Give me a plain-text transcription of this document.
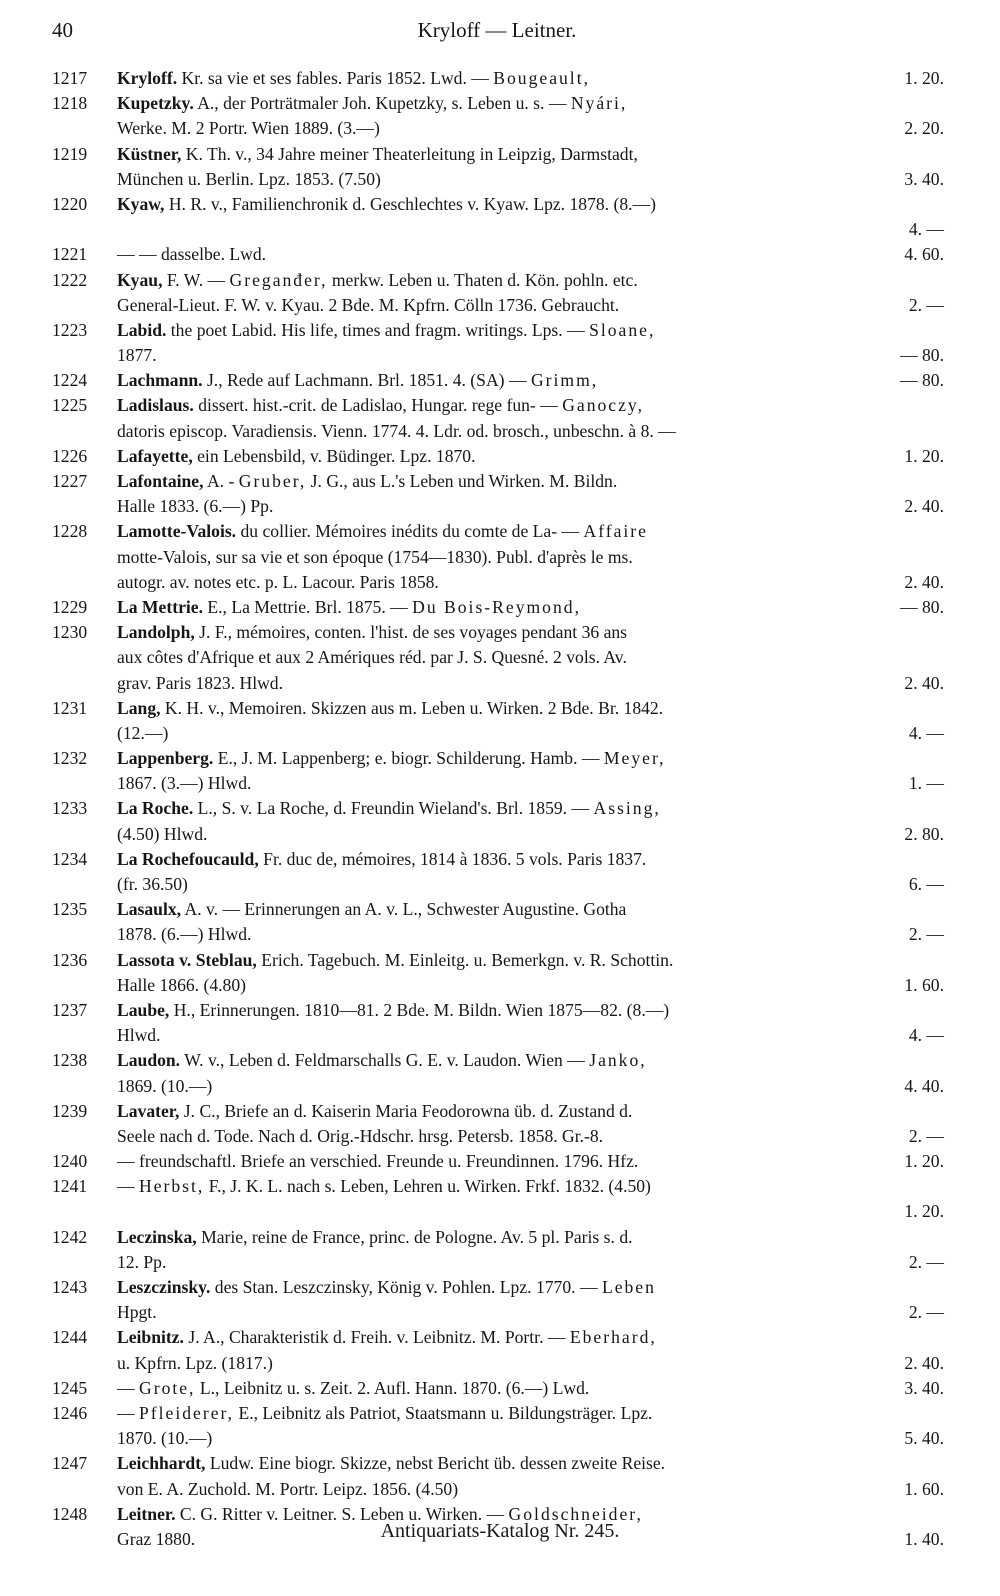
40	Kryloff — Leitner.
1217 Kryloff. Kr. sa vie et ses fables. Paris 1852. Lwd. — Bougeault,	1. 20.
1218 Kupetzky. A., der Porträtmaler Joh. Kupetzky, s. Leben u. s. — Nyári,
Werke. M. 2 Portr. Wien 1889. (3.—)	2. 20.
1219 Küstner, K. Th. v., 34 Jahre meiner Theaterleitung in Leipzig, Darmstadt,
München u. Berlin. Lpz. 1853. (7.50)	3. 40.
1220 Kyaw, H. R. v., Familienchronik d. Geschlechtes v. Kyaw. Lpz. 1878. (8.—)
4. —
1221 — — dasselbe. Lwd.	4. 60.
1222 Kyau, F. W. — Greganđer, merkw. Leben u. Thaten d. Kön. pohln. etc.
General-Lieut. F. W. v. Kyau. 2 Bde. M. Kpfrn. Cölln 1736. Gebraucht.	2. —
1223 Labid. the poet Labid. His life, times and fragm. writings. Lps. — Sloane,
1877.	— 80.
1224 Lachmann. J., Rede auf Lachmann. Brl. 1851. 4. (SA) — Grimm,	— 80.
1225 Ladislaus. dissert. hist.-crit. de Ladislao, Hungar. rege fun- — Ganoczy,
datoris episcop. Varadiensis. Vienn. 1774. 4. Ldr. od. brosch., unbeschn. à 8. —
1226 Lafayette, ein Lebensbild, v. Büdinger. Lpz. 1870.	1. 20.
1227 Lafontaine, A. - Gruber, J. G., aus L.'s Leben und Wirken. M. Bildn.
Halle 1833. (6.—) Pp.	2. 40.
1228 Lamotte-Valois. du collier. Mémoires inédits du comte de La- — Affaire
motte-Valois, sur sa vie et son époque (1754—1830). Publ. d'après le ms.
autogr. av. notes etc. p. L. Lacour. Paris 1858.	2. 40.
1229 La Mettrie. E., La Mettrie. Brl. 1875. — Du Bois-Reymond,	— 80.
1230 Landolph, J. F., mémoires, conten. l'hist. de ses voyages pendant 36 ans
aux côtes d'Afrique et aux 2 Amériques réd. par J. S. Quesné. 2 vols. Av.
grav. Paris 1823. Hlwd.	2. 40.
1231 Lang, K. H. v., Memoiren. Skizzen aus m. Leben u. Wirken. 2 Bde. Br. 1842.
(12.—)	4. —
1232 Lappenberg. E., J. M. Lappenberg; e. biogr. Schilderung. Hamb. — Meyer,
1867. (3.—) Hlwd.	1. —
1233 La Roche. L., S. v. La Roche, d. Freundin Wieland's. Brl. 1859. — Assing,
(4.50) Hlwd.	2. 80.
1234 La Rochefoucauld, Fr. duc de, mémoires, 1814 à 1836. 5 vols. Paris 1837.
(fr. 36.50)	6. —
1235 Lasaulx, A. v. — Erinnerungen an A. v. L., Schwester Augustine. Gotha
1878. (6.—) Hlwd.	2. —
1236 Lassota v. Steblau, Erich. Tagebuch. M. Einleitg. u. Bemerkgn. v. R. Schottin.
Halle 1866. (4.80)	1. 60.
1237 Laube, H., Erinnerungen. 1810—81. 2 Bde. M. Bildn. Wien 1875—82. (8.—)
Hlwd.	4. —
1238 Laudon. W. v., Leben d. Feldmarschalls G. E. v. Laudon. Wien — Janko,
1869. (10.—)	4. 40.
1239 Lavater, J. C., Briefe an d. Kaiserin Maria Feodorowna üb. d. Zustand d.
Seele nach d. Tode. Nach d. Orig.-Hdschr. hrsg. Petersb. 1858. Gr.-8.	2. —
1240 — freundschaftl. Briefe an verschied. Freunde u. Freundinnen. 1796. Hfz.	1. 20.
1241 — Herbst, F., J. K. L. nach s. Leben, Lehren u. Wirken. Frkf. 1832. (4.50)
1. 20.
1242 Leczinska, Marie, reine de France, princ. de Pologne. Av. 5 pl. Paris s. d.
12. Pp.	2. —
1243 Leszczinsky. des Stan. Leszczinsky, König v. Pohlen. Lpz. 1770. — Leben
Hpgt.	2. —
1244 Leibnitz. J. A., Charakteristik d. Freih. v. Leibnitz. M. Portr. — Eberhard,
u. Kpfrn. Lpz. (1817.)	2. 40.
1245 — Grote, L., Leibnitz u. s. Zeit. 2. Aufl. Hann. 1870. (6.—) Lwd.	3. 40.
1246 — Pfleiderer, E., Leibnitz als Patriot, Staatsmann u. Bildungsträger. Lpz.
1870. (10.—)	5. 40.
1247 Leichhardt, Ludw. Eine biogr. Skizze, nebst Bericht üb. dessen zweite Reise.
von E. A. Zuchold. M. Portr. Leipz. 1856. (4.50)	1. 60.
1248 Leitner. C. G. Ritter v. Leitner. S. Leben u. Wirken. — Goldschneider,
Graz 1880.	1. 40.
Antiquariats-Katalog Nr. 245.
